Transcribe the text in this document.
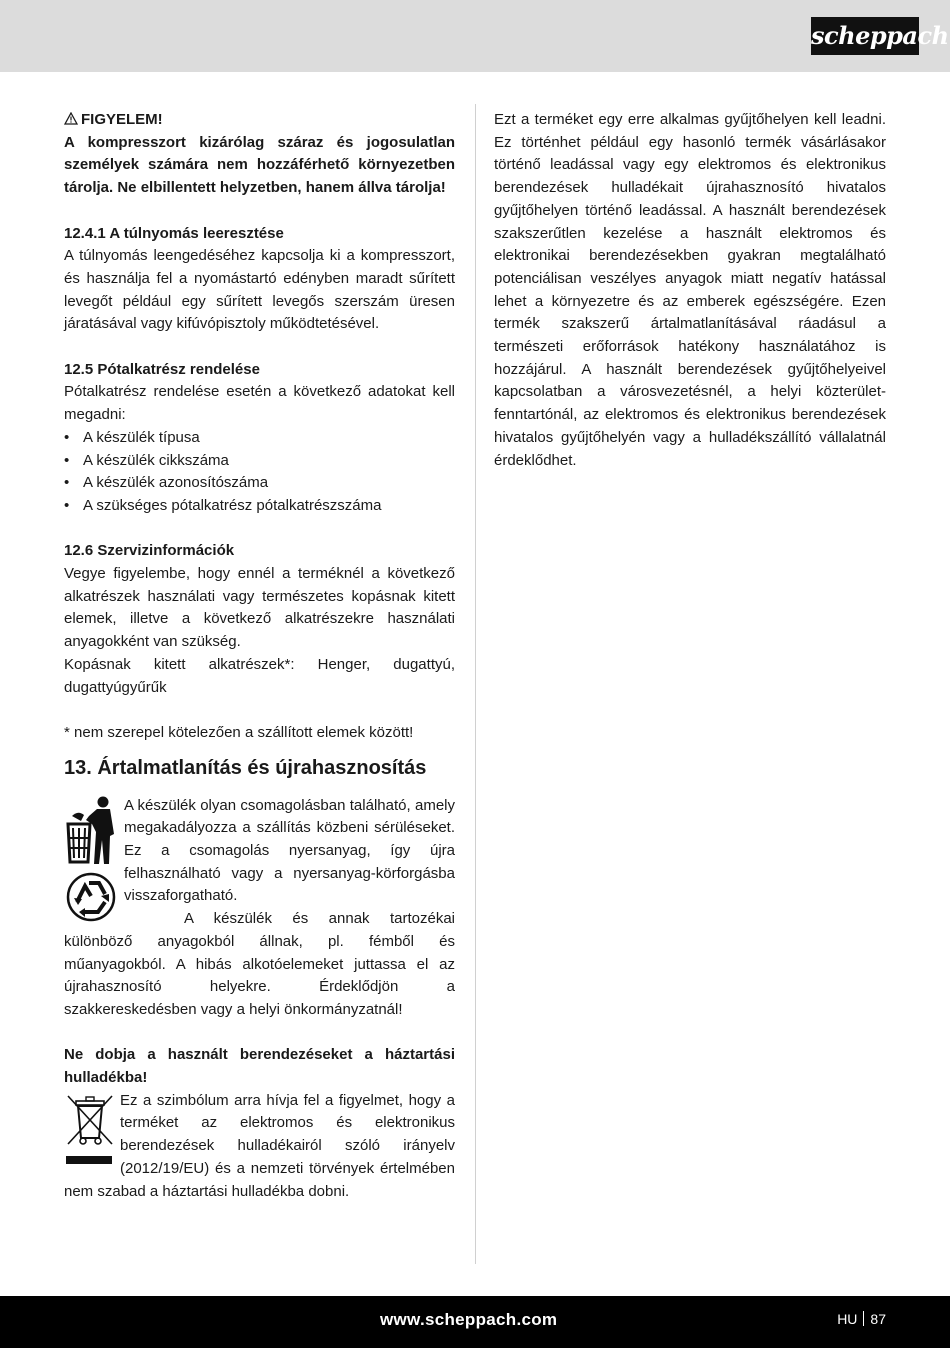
scheppach

FIGYELEM!

A kompresszort kizárólag száraz és jogosulatlan személyek számára nem hozzáférhető környezetben tárolja. Ne elbillentett helyzetben, hanem állva tárolja!

12.4.1 A túlnyomás leeresztése

A túlnyomás leengedéséhez kapcsolja ki a kompresszort, és használja fel a nyomástartó edényben maradt sűrített levegőt például egy sűrített levegős szerszám üresen járatásával vagy kifúvópisztoly működtetésével.

12.5 Pótalkatrész rendelése

Pótalkatrész rendelése esetén a következő adatokat kell megadni:

• A készülék típusa
• A készülék cikkszáma
• A készülék azonosítószáma
• A szükséges pótalkatrész pótalkatrészszáma

12.6 Szervizinformációk

Vegye figyelembe, hogy ennél a terméknél a következő alkatrészek használati vagy természetes kopásnak kitett elemek, illetve a következő alkatrészekre használati anyagokként van szükség.

Kopásnak kitett alkatrészek*: Henger, dugattyú, dugattyúgyűrűk

* nem szerepel kötelezően a szállított elemek között!

13. Ártalmatlanítás és újrahasznosítás

A készülék olyan csomagolásban található, amely megakadályozza a szállítás közbeni sérüléseket. Ez a csomagolás nyersanyag, így újra felhasználható vagy a nyersanyag-körforgásba visszaforgatható.

A készülék és annak tartozékai különböző anyagokból állnak, pl. fémből és műanyagokból. A hibás alkotóelemeket juttassa el az újrahasznosító helyekre. Érdeklődjön a szakkereskedésben vagy a helyi önkormányzatnál!

Ne dobja a használt berendezéseket a háztartási hulladékba!

Ez a szimbólum arra hívja fel a figyelmet, hogy a terméket az elektromos és elektronikus berendezések hulladékairól szóló irányelv (2012/19/EU) és a nemzeti törvények értelmében nem szabad a háztartási hulladékba dobni.

Ezt a terméket egy erre alkalmas gyűjtőhelyen kell leadni. Ez történhet például egy hasonló termék vásárlásakor történő leadással vagy egy elektromos és elektronikus berendezések hulladékait újrahasznosító hivatalos gyűjtőhelyen történő leadással. A használt berendezések szakszerűtlen kezelése a használt elektromos és elektronikai berendezésekben gyakran megtalálható potenciálisan veszélyes anyagok miatt negatív hatással lehet a környezetre és az emberek egészségére. Ezen termék szakszerű ártalmatlanításával ráadásul a természeti erőforrások hatékony használatához is hozzájárul. A használt berendezések gyűjtőhelyeivel kapcsolatban a városvezetésnél, a helyi közterület-fenntartónál, az elektromos és elektronikus berendezések hivatalos gyűjtőhelyén vagy a hulladékszállító vállalatnál érdeklődhet.

www.scheppach.com	HU 87
